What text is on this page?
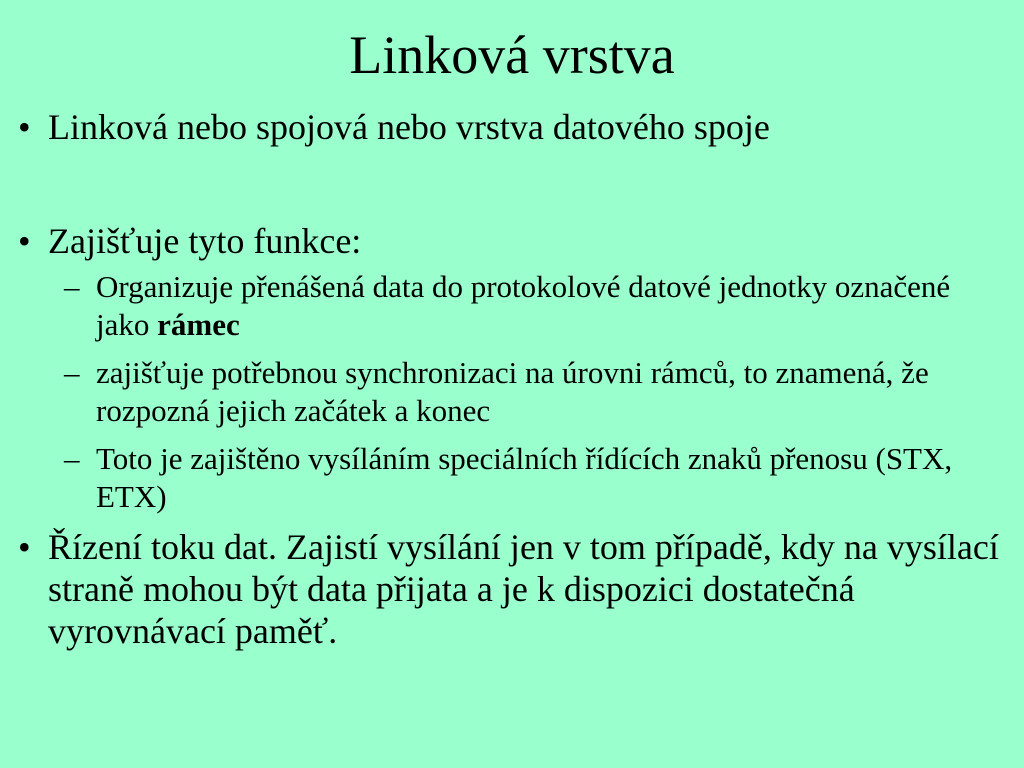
Linková vrstva
• Linková nebo spojová nebo vrstva datového spoje
• Zajišťuje tyto funkce:
– Organizuje přenášená data do protokolové datové jednotky označené jako rámec
– zajišťuje potřebnou synchronizaci na úrovni rámců, to znamená, že rozpozná jejich začátek a konec
– Toto je zajištěno vysíláním speciálních řídících znaků přenosu (STX, ETX)
• Řízení toku dat. Zajistí vysílání jen v tom případě, kdy na vysílací straně mohou být data přijata a je k dispozici dostatečná vyrovnávací paměť.
